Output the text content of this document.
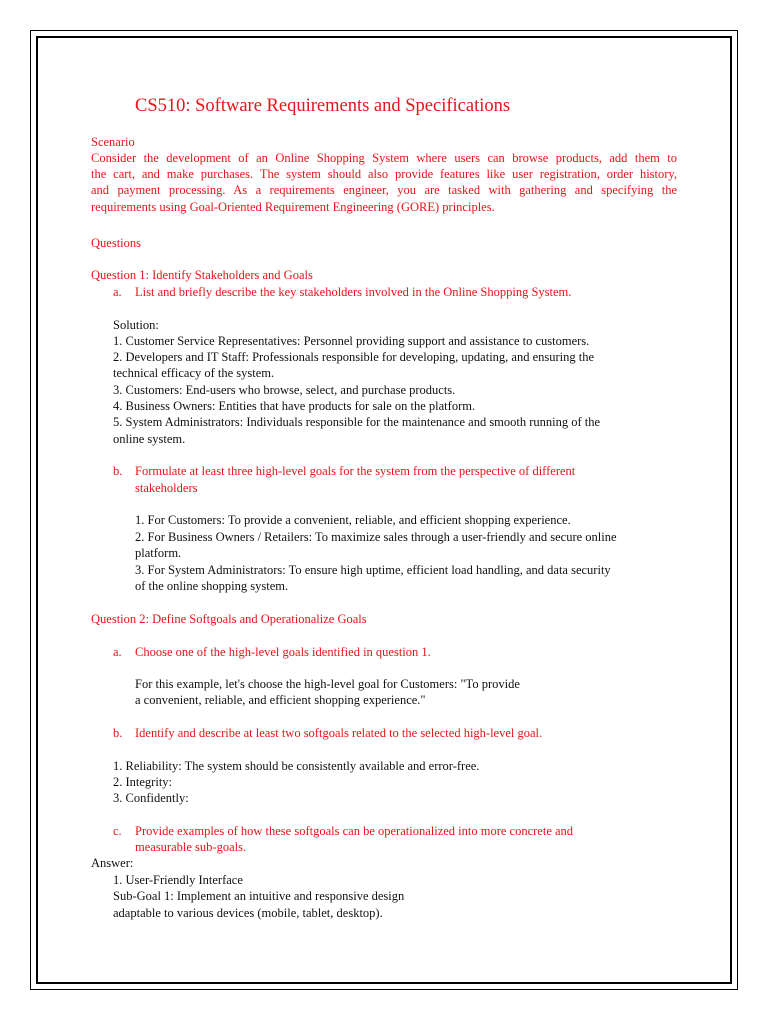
CS510: Software Requirements and Specifications
Scenario
Consider the development of an Online Shopping System where users can browse products, add them to
the cart, and make purchases. The system should also provide features like user registration, order history,
and payment processing. As a requirements engineer, you are tasked with gathering and specifying the
requirements using Goal-Oriented Requirement Engineering (GORE) principles.
Questions
Question 1: Identify Stakeholders and Goals
a. List and briefly describe the key stakeholders involved in the Online Shopping System.
Solution:
1. Customer Service Representatives: Personnel providing support and assistance to customers.
2. Developers and IT Staff: Professionals responsible for developing, updating, and ensuring the
technical efficacy of the system.
3. Customers: End-users who browse, select, and purchase products.
4. Business Owners: Entities that have products for sale on the platform.
5. System Administrators: Individuals responsible for the maintenance and smooth running of the
online system.
b. Formulate at least three high-level goals for the system from the perspective of different
stakeholders
1. For Customers: To provide a convenient, reliable, and efficient shopping experience.
2. For Business Owners / Retailers: To maximize sales through a user-friendly and secure online
platform.
3. For System Administrators: To ensure high uptime, efficient load handling, and data security
of the online shopping system.
Question 2: Define Softgoals and Operationalize Goals
a. Choose one of the high-level goals identified in question 1.
For this example, let's choose the high-level goal for Customers: "To provide
a convenient, reliable, and efficient shopping experience."
b. Identify and describe at least two softgoals related to the selected high-level goal.
1. Reliability: The system should be consistently available and error-free.
2. Integrity:
3. Confidently:
c. Provide examples of how these softgoals can be operationalized into more concrete and
measurable sub-goals.
Answer:
1. User-Friendly Interface
Sub-Goal 1: Implement an intuitive and responsive design
adaptable to various devices (mobile, tablet, desktop).
